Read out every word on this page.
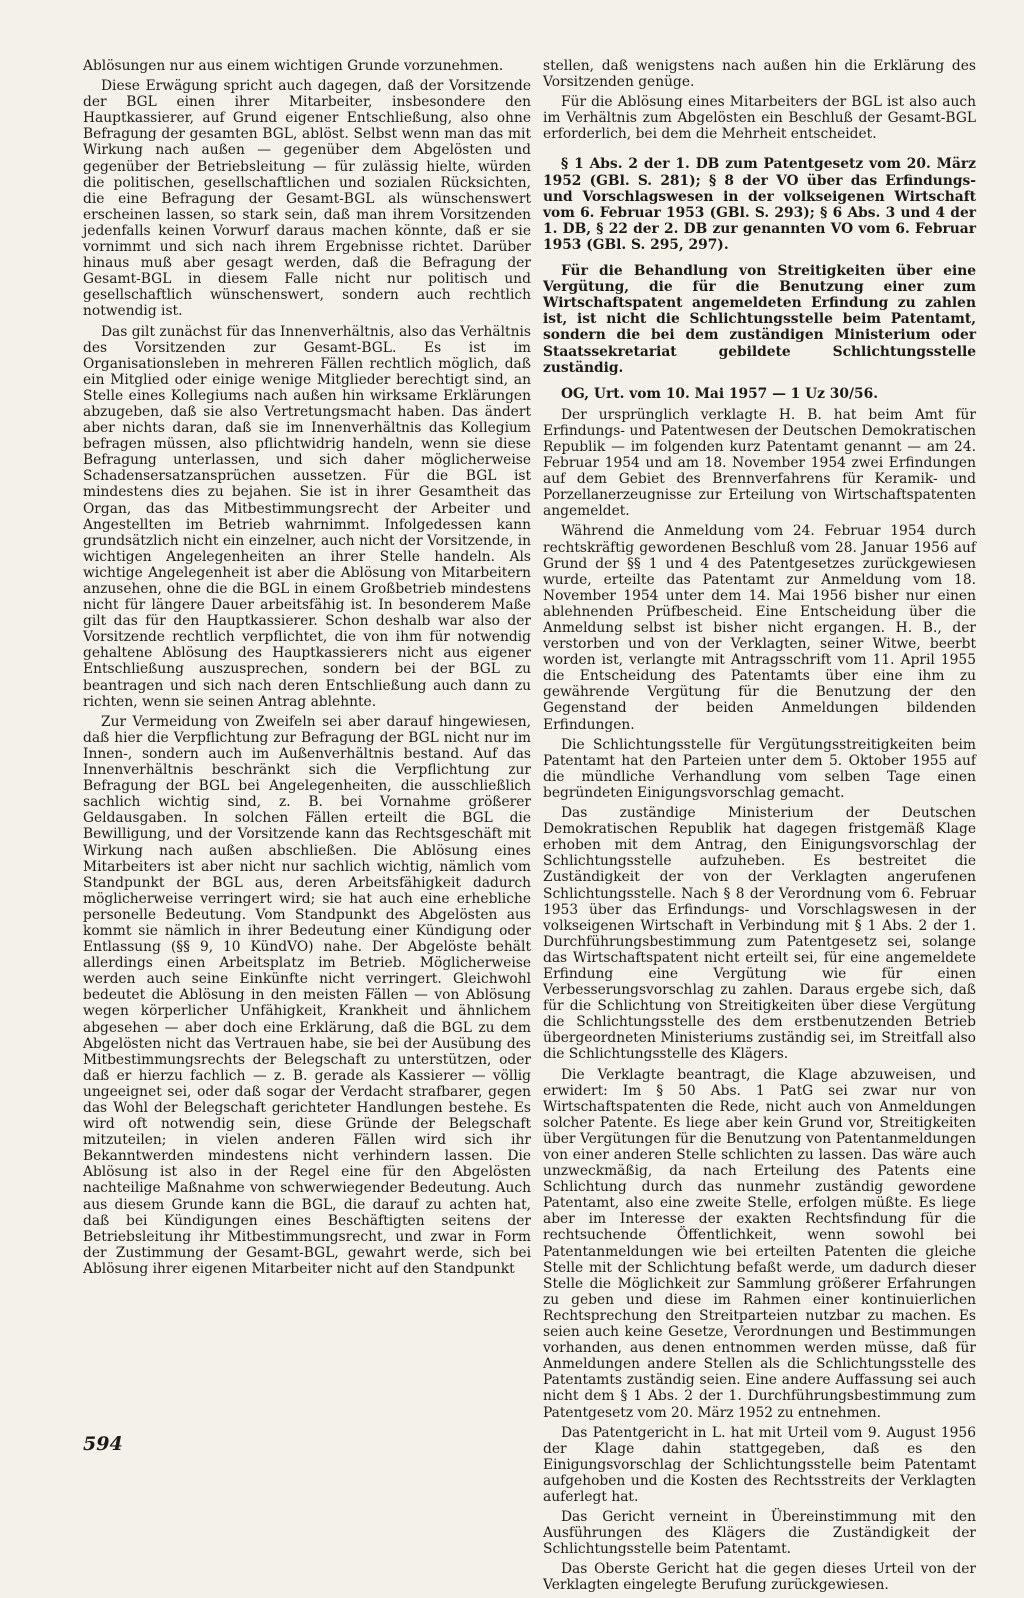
Ablösungen nur aus einem wichtigen Grunde vorzunehmen.

Diese Erwägung spricht auch dagegen, daß der Vorsitzende der BGL einen ihrer Mitarbeiter, insbesondere den Hauptkassierer, auf Grund eigener Entschließung, also ohne Befragung der gesamten BGL, ablöst. Selbst wenn man das mit Wirkung nach außen — gegenüber dem Abgelösten und gegenüber der Betriebsleitung — für zulässig hielte, würden die politischen, gesellschaftlichen und sozialen Rücksichten, die eine Befragung der Gesamt-BGL als wünschenswert erscheinen lassen, so stark sein, daß man ihrem Vorsitzenden jedenfalls keinen Vorwurf daraus machen könnte, daß er sie vornimmt und sich nach ihrem Ergebnisse richtet. Darüber hinaus muß aber gesagt werden, daß die Befragung der Gesamt-BGL in diesem Falle nicht nur politisch und gesellschaftlich wünschenswert, sondern auch rechtlich notwendig ist.

Das gilt zunächst für das Innenverhältnis, also das Verhältnis des Vorsitzenden zur Gesamt-BGL. Es ist im Organisationsleben in mehreren Fällen rechtlich möglich, daß ein Mitglied oder einige wenige Mitglieder berechtigt sind, an Stelle eines Kollegiums nach außen hin wirksame Erklärungen abzugeben, daß sie also Vertretungsmacht haben. Das ändert aber nichts daran, daß sie im Innenverhältnis das Kollegium befragen müssen, also pflichtwidrig handeln, wenn sie diese Befragung unterlassen, und sich daher möglicherweise Schadensersatzansprüchen aussetzen. Für die BGL ist mindestens dies zu bejahen. Sie ist in ihrer Gesamtheit das Organ, das das Mitbestimmungsrecht der Arbeiter und Angestellten im Betrieb wahrnimmt. Infolgedessen kann grundsätzlich nicht ein einzelner, auch nicht der Vorsitzende, in wichtigen Angelegenheiten an ihrer Stelle handeln. Als wichtige Angelegenheit ist aber die Ablösung von Mitarbeitern anzusehen, ohne die die BGL in einem Großbetrieb mindestens nicht für längere Dauer arbeitsfähig ist. In besonderem Maße gilt das für den Hauptkassierer. Schon deshalb war also der Vorsitzende rechtlich verpflichtet, die von ihm für notwendig gehaltene Ablösung des Hauptkassierers nicht aus eigener Entschließung auszusprechen, sondern bei der BGL zu beantragen und sich nach deren Entschließung auch dann zu richten, wenn sie seinen Antrag ablehnte.

Zur Vermeidung von Zweifeln sei aber darauf hingewiesen, daß hier die Verpflichtung zur Befragung der BGL nicht nur im Innen-, sondern auch im Außenverhältnis bestand. Auf das Innenverhältnis beschränkt sich die Verpflichtung zur Befragung der BGL bei Angelegenheiten, die ausschließlich sachlich wichtig sind, z. B. bei Vornahme größerer Geldausgaben. In solchen Fällen erteilt die BGL die Bewilligung, und der Vorsitzende kann das Rechtsgeschäft mit Wirkung nach außen abschließen. Die Ablösung eines Mitarbeiters ist aber nicht nur sachlich wichtig, nämlich vom Standpunkt der BGL aus, deren Arbeitsfähigkeit dadurch möglicherweise verringert wird; sie hat auch eine erhebliche personelle Bedeutung. Vom Standpunkt des Abgelösten aus kommt sie nämlich in ihrer Bedeutung einer Kündigung oder Entlassung (§§ 9, 10 KündVO) nahe. Der Abgelöste behält allerdings einen Arbeitsplatz im Betrieb. Möglicherweise werden auch seine Einkünfte nicht verringert. Gleichwohl bedeutet die Ablösung in den meisten Fällen — von Ablösung wegen körperlicher Unfähigkeit, Krankheit und ähnlichem abgesehen — aber doch eine Erklärung, daß die BGL zu dem Abgelösten nicht das Vertrauen habe, sie bei der Ausübung des Mitbestimmungsrechts der Belegschaft zu unterstützen, oder daß er hierzu fachlich — z. B. gerade als Kassierer — völlig ungeeignet sei, oder daß sogar der Verdacht strafbarer, gegen das Wohl der Belegschaft gerichteter Handlungen bestehe. Es wird oft notwendig sein, diese Gründe der Belegschaft mitzuteilen; in vielen anderen Fällen wird sich ihr Bekanntwerden mindestens nicht verhindern lassen. Die Ablösung ist also in der Regel eine für den Abgelösten nachteilige Maßnahme von schwerwiegender Bedeutung. Auch aus diesem Grunde kann die BGL, die darauf zu achten hat, daß bei Kündigungen eines Beschäftigten seitens der Betriebsleitung ihr Mitbestimmungsrecht, und zwar in Form der Zustimmung der Gesamt-BGL, gewahrt werde, sich bei Ablösung ihrer eigenen Mitarbeiter nicht auf den Standpunkt

stellen, daß wenigstens nach außen hin die Erklärung des Vorsitzenden genüge.

Für die Ablösung eines Mitarbeiters der BGL ist also auch im Verhältnis zum Abgelösten ein Beschluß der Gesamt-BGL erforderlich, bei dem die Mehrheit entscheidet.

§ 1 Abs. 2 der 1. DB zum Patentgesetz vom 20. März 1952 (GBl. S. 281); § 8 der VO über das Erfindungs- und Vorschlagswesen in der volkseigenen Wirtschaft vom 6. Februar 1953 (GBl. S. 293); § 6 Abs. 3 und 4 der 1. DB, § 22 der 2. DB zur genannten VO vom 6. Februar 1953 (GBl. S. 295, 297).
Für die Behandlung von Streitigkeiten über eine Vergütung, die für die Benutzung einer zum Wirtschaftspatent angemeldeten Erfindung zu zahlen ist, ist nicht die Schlichtungsstelle beim Patentamt, sondern die bei dem zuständigen Ministerium oder Staatssekretariat gebildete Schlichtungsstelle zuständig.
OG, Urt. vom 10. Mai 1957 — 1 Uz 30/56.

Der ursprünglich verklagte H. B. hat beim Amt für Erfindungs- und Patentwesen der Deutschen Demokratischen Republik — im folgenden kurz Patentamt genannt — am 24. Februar 1954 und am 18. November 1954 zwei Erfindungen auf dem Gebiet des Brennverfahrens für Keramik- und Porzellanerzeugnisse zur Erteilung von Wirtschaftspatenten angemeldet.

Während die Anmeldung vom 24. Februar 1954 durch rechtskräftig gewordenen Beschluß vom 28. Januar 1956 auf Grund der §§ 1 und 4 des Patentgesetzes zurückgewiesen wurde, erteilte das Patentamt zur Anmeldung vom 18. November 1954 unter dem 14. Mai 1956 bisher nur einen ablehnenden Prüfbescheid. Eine Entscheidung über die Anmeldung selbst ist bisher nicht ergangen. H. B., der verstorben und von der Verklagten, seiner Witwe, beerbt worden ist, verlangte mit Antragsschrift vom 11. April 1955 die Entscheidung des Patentamts über eine ihm zu gewährende Vergütung für die Benutzung der den Gegenstand der beiden Anmeldungen bildenden Erfindungen.

Die Schlichtungsstelle für Vergütungsstreitigkeiten beim Patentamt hat den Parteien unter dem 5. Oktober 1955 auf die mündliche Verhandlung vom selben Tage einen begründeten Einigungsvorschlag gemacht.

Das zuständige Ministerium der Deutschen Demokratischen Republik hat dagegen fristgemäß Klage erhoben mit dem Antrag, den Einigungsvorschlag der Schlichtungsstelle aufzuheben. Es bestreitet die Zuständigkeit der von der Verklagten angerufenen Schlichtungsstelle. Nach § 8 der Verordnung vom 6. Februar 1953 über das Erfindungs- und Vorschlagswesen in der volkseigenen Wirtschaft in Verbindung mit § 1 Abs. 2 der 1. Durchführungsbestimmung zum Patentgesetz sei, solange das Wirtschaftspatent nicht erteilt sei, für eine angemeldete Erfindung eine Vergütung wie für einen Verbesserungsvorschlag zu zahlen. Daraus ergebe sich, daß für die Schlichtung von Streitigkeiten über diese Vergütung die Schlichtungsstelle des dem erstbenutzenden Betrieb übergeordneten Ministeriums zuständig sei, im Streitfall also die Schlichtungsstelle des Klägers.

Die Verklagte beantragt, die Klage abzuweisen, und erwidert: Im § 50 Abs. 1 PatG sei zwar nur von Wirtschaftspatenten die Rede, nicht auch von Anmeldungen solcher Patente. Es liege aber kein Grund vor, Streitigkeiten über Vergütungen für die Benutzung von Patentanmeldungen von einer anderen Stelle schlichten zu lassen. Das wäre auch unzweckmäßig, da nach Erteilung des Patents eine Schlichtung durch das nunmehr zuständig gewordene Patentamt, also eine zweite Stelle, erfolgen müßte. Es liege aber im Interesse der exakten Rechtsfindung für die rechtsuchende Öffentlichkeit, wenn sowohl bei Patentanmeldungen wie bei erteilten Patenten die gleiche Stelle mit der Schlichtung befaßt werde, um dadurch dieser Stelle die Möglichkeit zur Sammlung größerer Erfahrungen zu geben und diese im Rahmen einer kontinuierlichen Rechtsprechung den Streitparteien nutzbar zu machen. Es seien auch keine Gesetze, Verordnungen und Bestimmungen vorhanden, aus denen entnommen werden müsse, daß für Anmeldungen andere Stellen als die Schlichtungsstelle des Patentamts zuständig seien. Eine andere Auffassung sei auch nicht dem § 1 Abs. 2 der 1. Durchführungsbestimmung zum Patentgesetz vom 20. März 1952 zu entnehmen.

Das Patentgericht in L. hat mit Urteil vom 9. August 1956 der Klage dahin stattgegeben, daß es den Einigungsvorschlag der Schlichtungsstelle beim Patentamt aufgehoben und die Kosten des Rechtsstreits der Verklagten auferlegt hat.

Das Gericht verneint in Übereinstimmung mit den Ausführungen des Klägers die Zuständigkeit der Schlichtungsstelle beim Patentamt.

Das Oberste Gericht hat die gegen dieses Urteil von der Verklagten eingelegte Berufung zurückgewiesen.

594
